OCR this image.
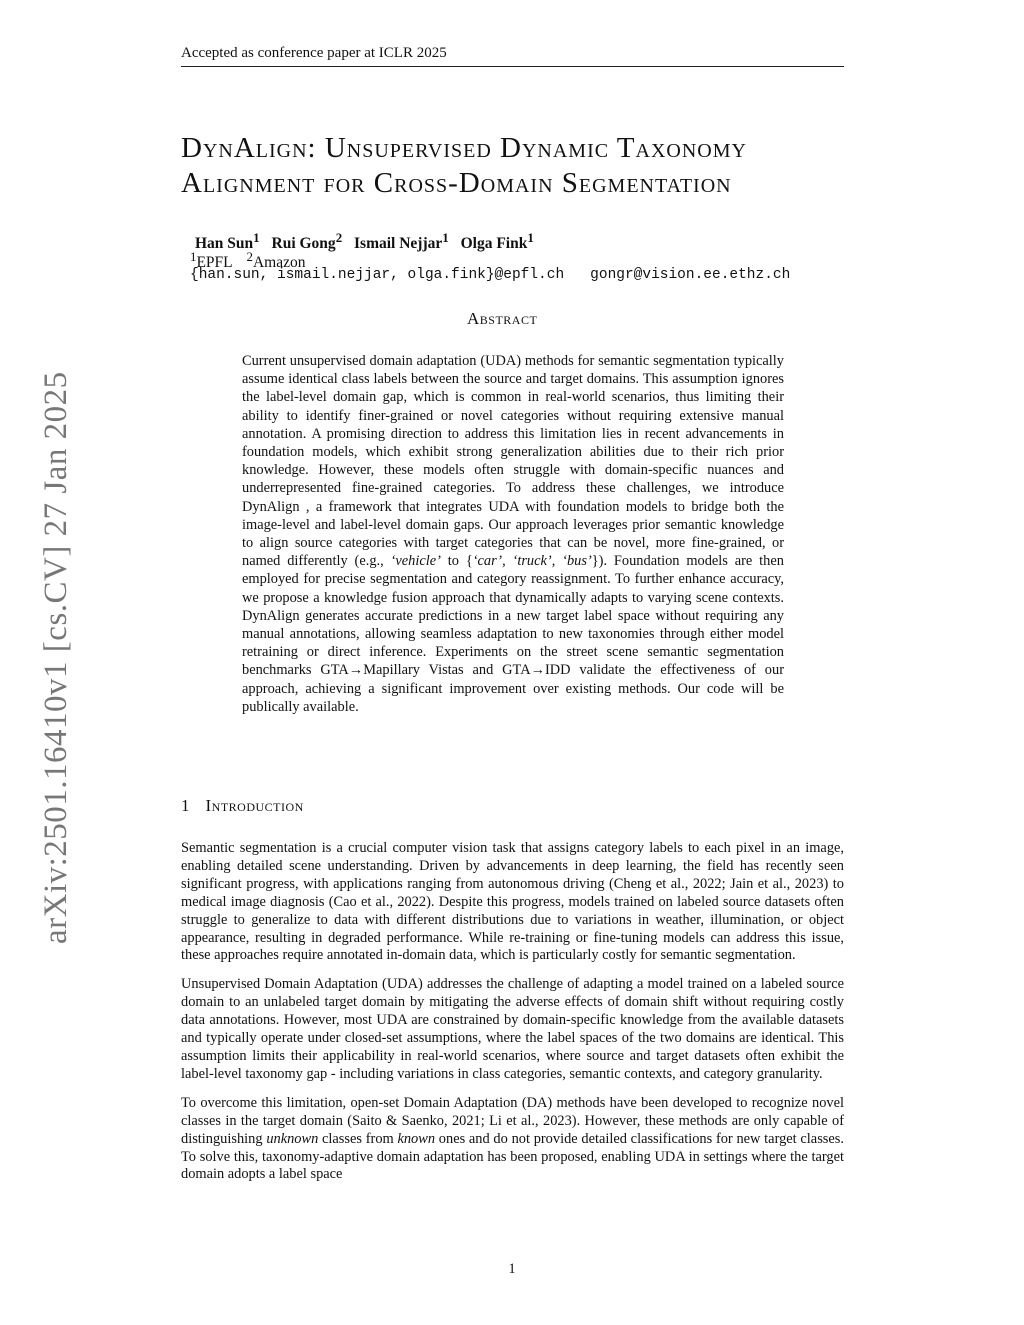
Accepted as conference paper at ICLR 2025
arXiv:2501.16410v1 [cs.CV] 27 Jan 2025
DynAlign: Unsupervised Dynamic Taxonomy
Alignment for Cross-Domain Segmentation
Han Sun$^1$ Rui Gong$^2$ Ismail Nejjar$^1$ Olga Fink$^1$
$^1$EPFL $^2$Amazon
{han.sun, ismail.nejjar, olga.fink}@epfl.ch gongr@vision.ee.ethz.ch
Abstract
Current unsupervised domain adaptation (UDA) methods for semantic segmentation typically assume identical class labels between the source and target domains. This assumption ignores the label-level domain gap, which is common in real-world scenarios, thus limiting their ability to identify finer-grained or novel categories without requiring extensive manual annotation. A promising direction to address this limitation lies in recent advancements in foundation models, which exhibit strong generalization abilities due to their rich prior knowledge. However, these models often struggle with domain-specific nuances and underrepresented fine-grained categories. To address these challenges, we introduce DynAlign , a framework that integrates UDA with foundation models to bridge both the image-level and label-level domain gaps. Our approach leverages prior semantic knowledge to align source categories with target categories that can be novel, more fine-grained, or named differently (e.g., ‘vehicle’ to {‘car’, ‘truck’, ‘bus’}). Foundation models are then employed for precise segmentation and category reassignment. To further enhance accuracy, we propose a knowledge fusion approach that dynamically adapts to varying scene contexts. DynAlign generates accurate predictions in a new target label space without requiring any manual annotations, allowing seamless adaptation to new taxonomies through either model retraining or direct inference. Experiments on the street scene semantic segmentation benchmarks GTA→Mapillary Vistas and GTA→IDD validate the effectiveness of our approach, achieving a significant improvement over existing methods. Our code will be publically available.
1 Introduction

Semantic segmentation is a crucial computer vision task that assigns category labels to each pixel in an image, enabling detailed scene understanding. Driven by advancements in deep learning, the field has recently seen significant progress, with applications ranging from autonomous driving (Cheng et al., 2022; Jain et al., 2023) to medical image diagnosis (Cao et al., 2022). Despite this progress, models trained on labeled source datasets often struggle to generalize to data with different distributions due to variations in weather, illumination, or object appearance, resulting in degraded performance. While re-training or fine-tuning models can address this issue, these approaches require annotated in-domain data, which is particularly costly for semantic segmentation.

Unsupervised Domain Adaptation (UDA) addresses the challenge of adapting a model trained on a labeled source domain to an unlabeled target domain by mitigating the adverse effects of domain shift without requiring costly data annotations. However, most UDA are constrained by domain-specific knowledge from the available datasets and typically operate under closed-set assumptions, where the label spaces of the two domains are identical. This assumption limits their applicability in real-world scenarios, where source and target datasets often exhibit the label-level taxonomy gap - including variations in class categories, semantic contexts, and category granularity.

To overcome this limitation, open-set Domain Adaptation (DA) methods have been developed to recognize novel classes in the target domain (Saito & Saenko, 2021; Li et al., 2023). However, these methods are only capable of distinguishing unknown classes from known ones and do not provide detailed classifications for new target classes. To solve this, taxonomy-adaptive domain adaptation has been proposed, enabling UDA in settings where the target domain adopts a label space

1
